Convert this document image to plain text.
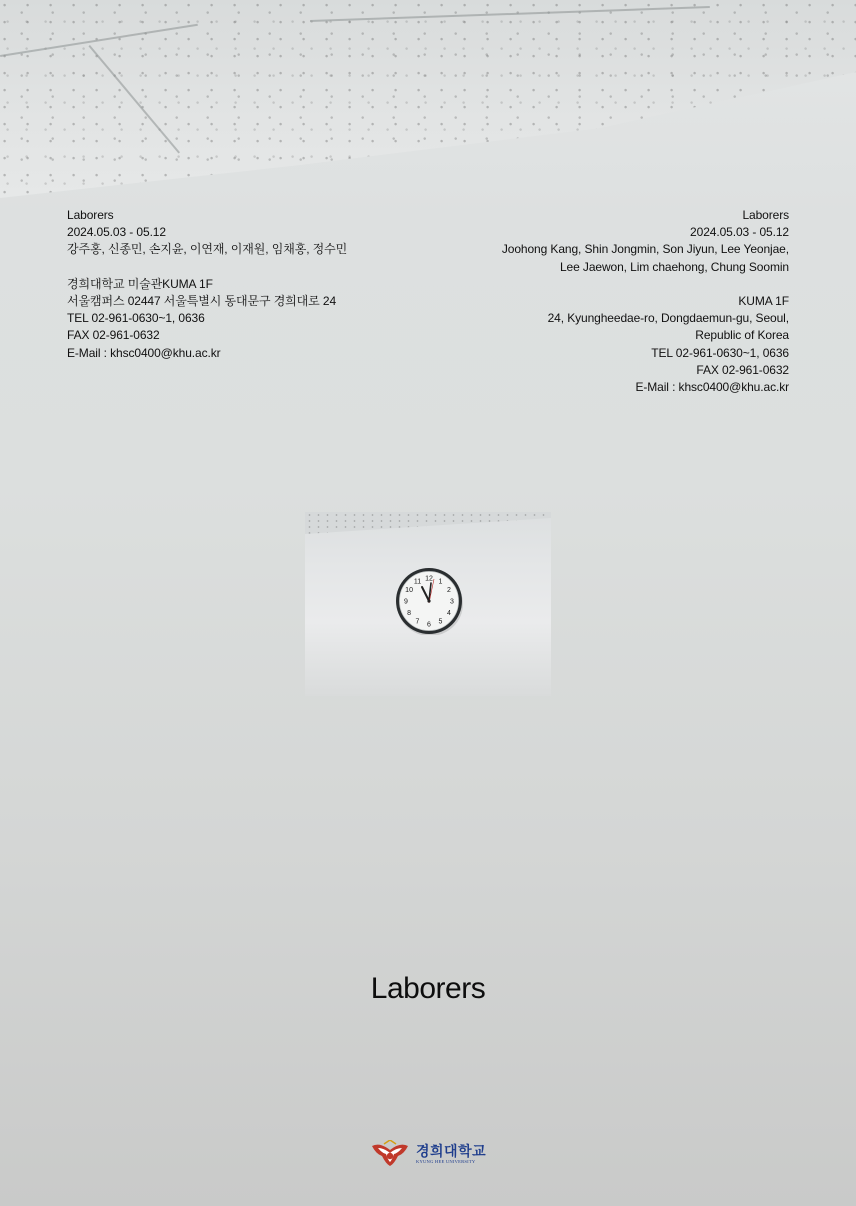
Laborers
2024.05.03 - 05.12
강주홍, 신종민, 손지윤, 이연재, 이재원, 임채홍, 정수민
경희대학교 미술관KUMA 1F
서울캠퍼스 02447 서울특별시 동대문구 경희대로 24
TEL 02-961-0630~1, 0636
FAX 02-961-0632
E-Mail : khsc0400@khu.ac.kr
Laborers
2024.05.03 - 05.12
Joohong Kang, Shin Jongmin, Son Jiyun, Lee Yeonjae,
Lee Jaewon, Lim chaehong, Chung Soomin
KUMA 1F
24, Kyungheedae-ro, Dongdaemun-gu, Seoul,
Republic of Korea
TEL 02-961-0630~1, 0636
FAX 02-961-0632
E-Mail : khsc0400@khu.ac.kr
10
11 12 1
2
3
4
5
6
7
8
9
Laborers
경희대학교
KYUNG HEE UNIVERSITY
